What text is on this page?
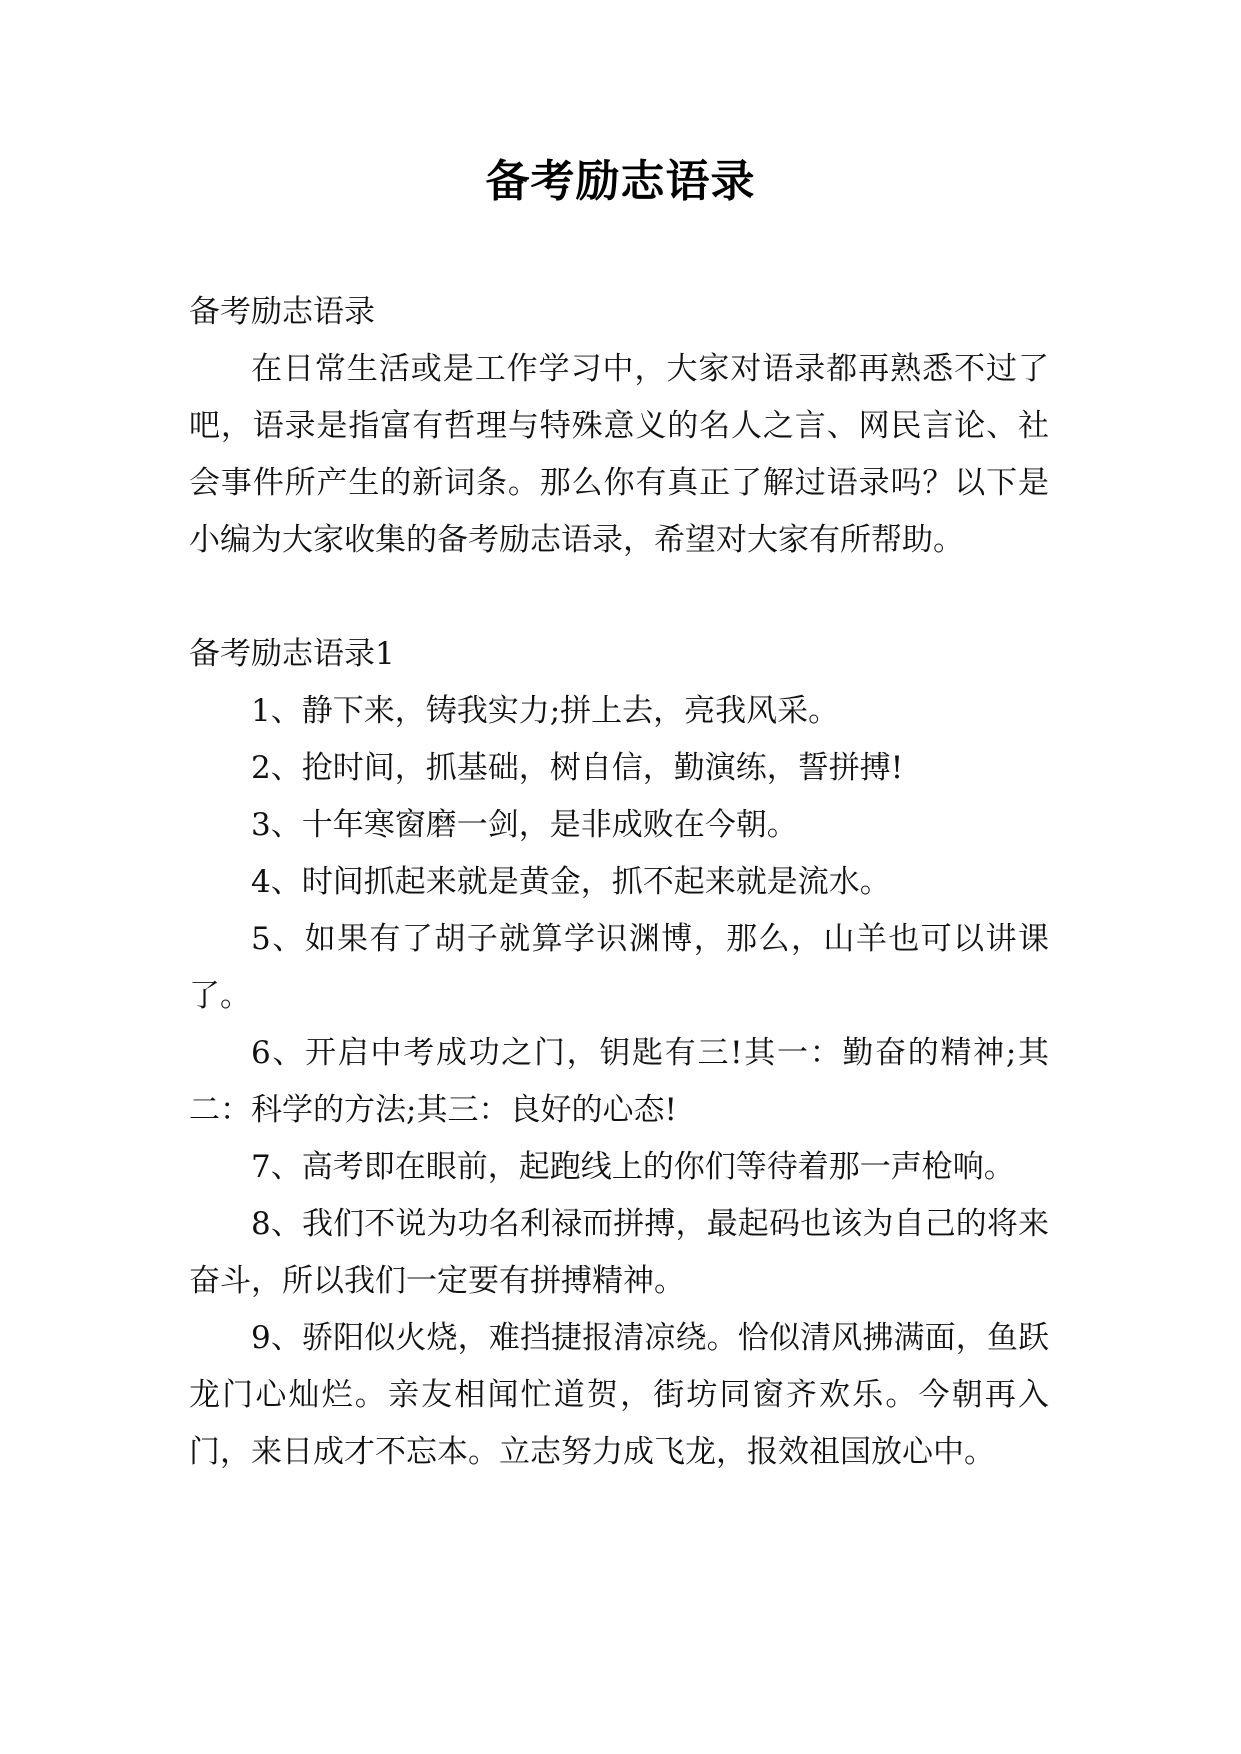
备考励志语录

备考励志语录

在日常生活或是工作学习中，大家对语录都再熟悉不过了吧，语录是指富有哲理与特殊意义的名人之言、网民言论、社会事件所产生的新词条。那么你有真正了解过语录吗？以下是小编为大家收集的备考励志语录，希望对大家有所帮助。

备考励志语录1

1、静下来，铸我实力;拼上去，亮我风采。

2、抢时间，抓基础，树自信，勤演练，誓拼搏!

3、十年寒窗磨一剑，是非成败在今朝。

4、时间抓起来就是黄金，抓不起来就是流水。

5、如果有了胡子就算学识渊博，那么，山羊也可以讲课了。

6、开启中考成功之门，钥匙有三!其一：勤奋的精神;其二：科学的方法;其三：良好的心态!

7、高考即在眼前，起跑线上的你们等待着那一声枪响。

8、我们不说为功名利禄而拼搏，最起码也该为自己的将来奋斗，所以我们一定要有拼搏精神。

9、骄阳似火烧，难挡捷报清凉绕。恰似清风拂满面，鱼跃龙门心灿烂。亲友相闻忙道贺，街坊同窗齐欢乐。今朝再入门，来日成才不忘本。立志努力成飞龙，报效祖国放心中。
